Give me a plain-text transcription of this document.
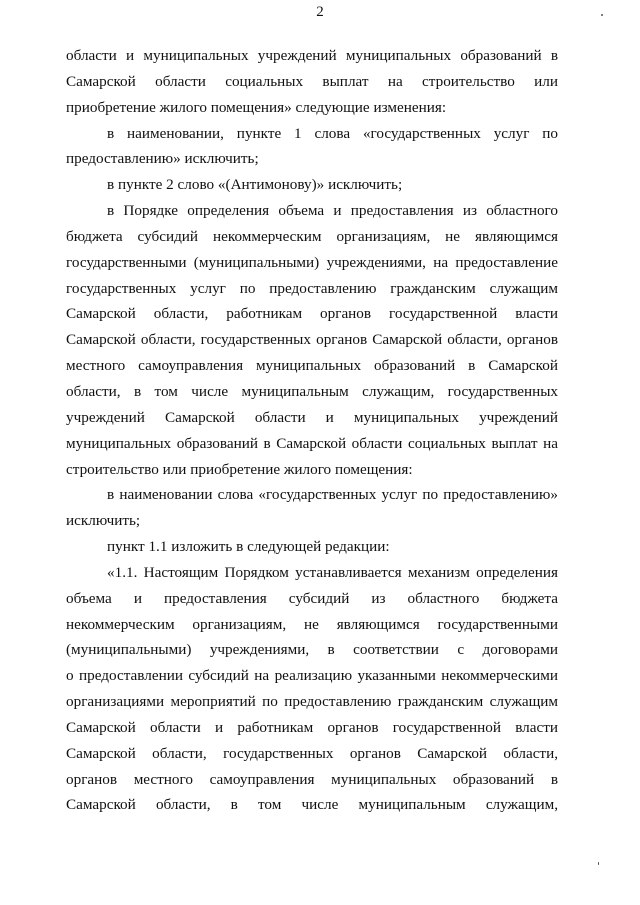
2
области и муниципальных учреждений муниципальных образований в
Самарской области социальных выплат на строительство или
приобретение жилого помещения» следующие изменения:
в наименовании, пункте 1 слова «государственных услуг по
предоставлению» исключить;
в пункте 2 слово «(Антимонову)» исключить;
в Порядке определения объема и предоставления из областного
бюджета субсидий некоммерческим организациям, не являющимся
государственными (муниципальными) учреждениями, на предоставление
государственных услуг по предоставлению гражданским служащим
Самарской области, работникам органов государственной власти
Самарской области, государственных органов Самарской области, органов
местного самоуправления муниципальных образований в Самарской
области, в том числе муниципальным служащим, государственных
учреждений Самарской области и муниципальных учреждений
муниципальных образований в Самарской области социальных выплат на
строительство или приобретение жилого помещения:
в наименовании слова «государственных услуг по предоставлению»
исключить;
пункт 1.1 изложить в следующей редакции:
«1.1. Настоящим Порядком устанавливается механизм определения
объема и предоставления субсидий из областного бюджета
некоммерческим организациям, не являющимся государственными
(муниципальными) учреждениями, в соответствии с договорами
о предоставлении субсидий на реализацию указанными некоммерческими
организациями мероприятий по предоставлению гражданским служащим
Самарской области и работникам органов государственной власти
Самарской области, государственных органов Самарской области,
органов местного самоуправления муниципальных образований в
Самарской области, в том числе муниципальным служащим,
